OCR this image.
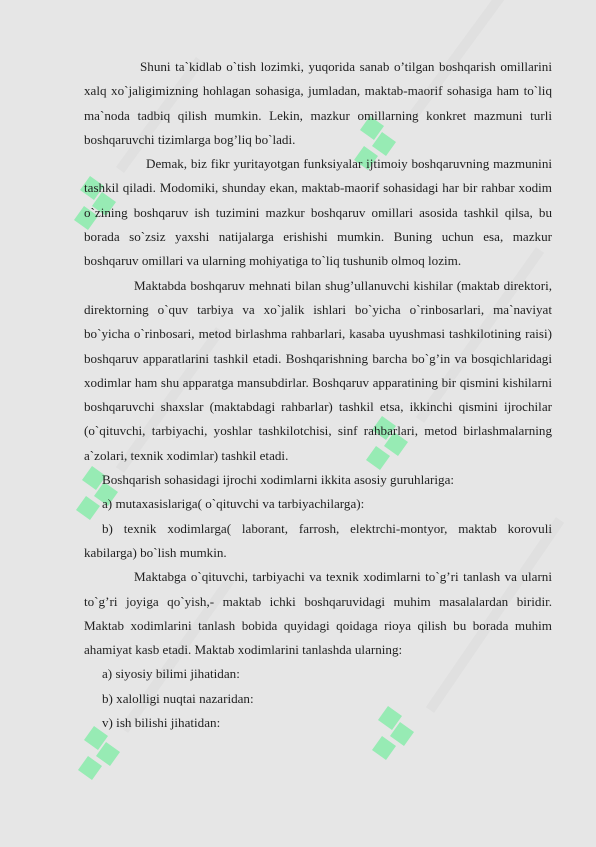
Shuni ta`kidlab o`tish lozimki, yuqorida sanab o’tilgan boshqarish omillarini xalq xo`jaligimizning hohlagan sohasiga, jumladan, maktab-maorif sohasiga ham to`liq ma`noda tadbiq qilish mumkin. Lekin, mazkur omillarning konkret mazmuni turli boshqaruvchi tizimlarga bog’liq bo`ladi.

Demak, biz fikr yuritayotgan funksiyalar ijtimoiy boshqaruvning mazmunini tashkil qiladi. Modomiki, shunday ekan, maktab-maorif sohasidagi har bir rahbar xodim o`zining boshqaruv ish tuzimini mazkur boshqaruv omillari asosida tashkil qilsa, bu borada so`zsiz yaxshi natijalarga erishishi mumkin. Buning uchun esa, mazkur boshqaruv omillari va ularning mohiyatiga to`liq tushunib olmoq lozim.

Maktabda boshqaruv mehnati bilan shug’ullanuvchi kishilar (maktab direktori, direktorning o`quv tarbiya va xo`jalik ishlari bo`yicha o`rinbosarlari, ma`naviyat bo`yicha o`rinbosari, metod birlashma rahbarlari, kasaba uyushmasi tashkilotining raisi) boshqaruv apparatlarini tashkil etadi. Boshqarishning barcha bo`g’in va bosqichlaridagi xodimlar ham shu apparatga mansubdirlar. Boshqaruv apparatining bir qismini kishilarni boshqaruvchi shaxslar (maktabdagi rahbarlar) tashkil etsa, ikkinchi qismini ijrochilar (o`qituvchi, tarbiyachi, yoshlar tashkilotchisi, sinf rahbarlari, metod birlashmalarning a`zolari, texnik xodimlar) tashkil etadi.

Boshqarish sohasidagi ijrochi xodimlarni ikkita asosiy guruhlariga:

a) mutaxasislariga( o`qituvchi va tarbiyachilarga):

b) texnik xodimlarga( laborant, farrosh, elektrchi-montyor, maktab korovuli kabilarga) bo`lish mumkin.

Maktabga o`qituvchi, tarbiyachi va texnik xodimlarni to`g’ri tanlash va ularni to`g’ri joyiga qo`yish,- maktab ichki boshqaruvidagi muhim masalalardan biridir. Maktab xodimlarini tanlash bobida quyidagi qoidaga rioya qilish bu borada muhim ahamiyat kasb etadi. Maktab xodimlarini tanlashda ularning:

a) siyosiy bilimi jihatidan:

b) xalolligi nuqtai nazaridan:

v) ish bilishi jihatidan:
